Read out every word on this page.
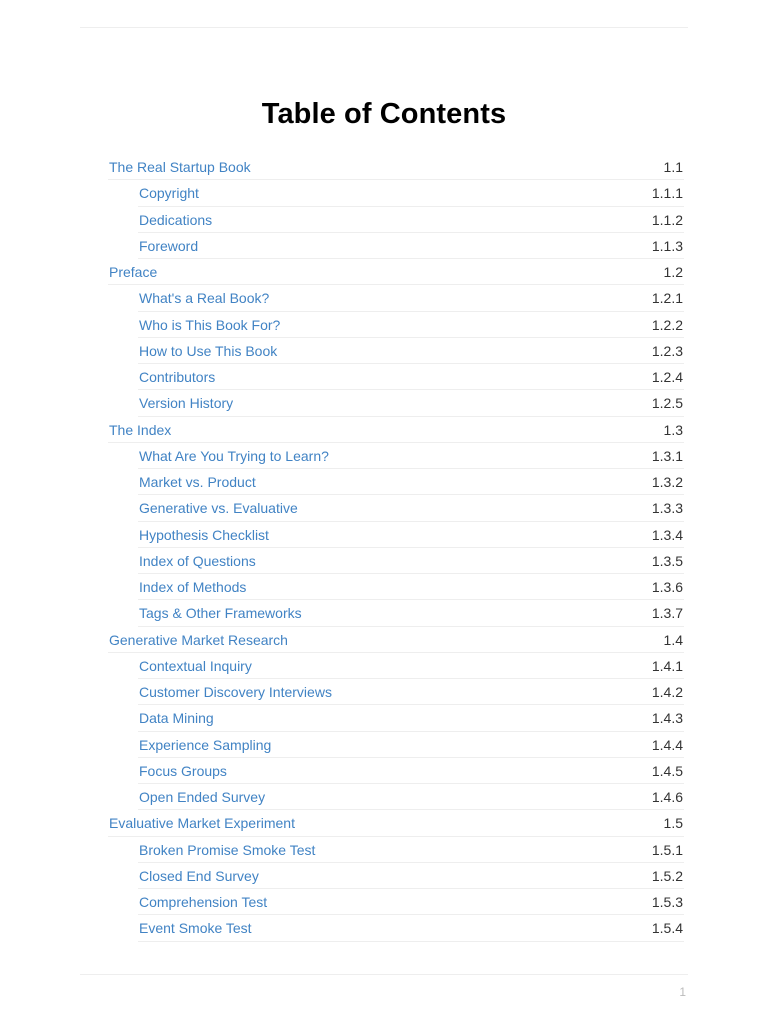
Table of Contents
The Real Startup Book	1.1
Copyright	1.1.1
Dedications	1.1.2
Foreword	1.1.3
Preface	1.2
What's a Real Book?	1.2.1
Who is This Book For?	1.2.2
How to Use This Book	1.2.3
Contributors	1.2.4
Version History	1.2.5
The Index	1.3
What Are You Trying to Learn?	1.3.1
Market vs. Product	1.3.2
Generative vs. Evaluative	1.3.3
Hypothesis Checklist	1.3.4
Index of Questions	1.3.5
Index of Methods	1.3.6
Tags & Other Frameworks	1.3.7
Generative Market Research	1.4
Contextual Inquiry	1.4.1
Customer Discovery Interviews	1.4.2
Data Mining	1.4.3
Experience Sampling	1.4.4
Focus Groups	1.4.5
Open Ended Survey	1.4.6
Evaluative Market Experiment	1.5
Broken Promise Smoke Test	1.5.1
Closed End Survey	1.5.2
Comprehension Test	1.5.3
Event Smoke Test	1.5.4
1
